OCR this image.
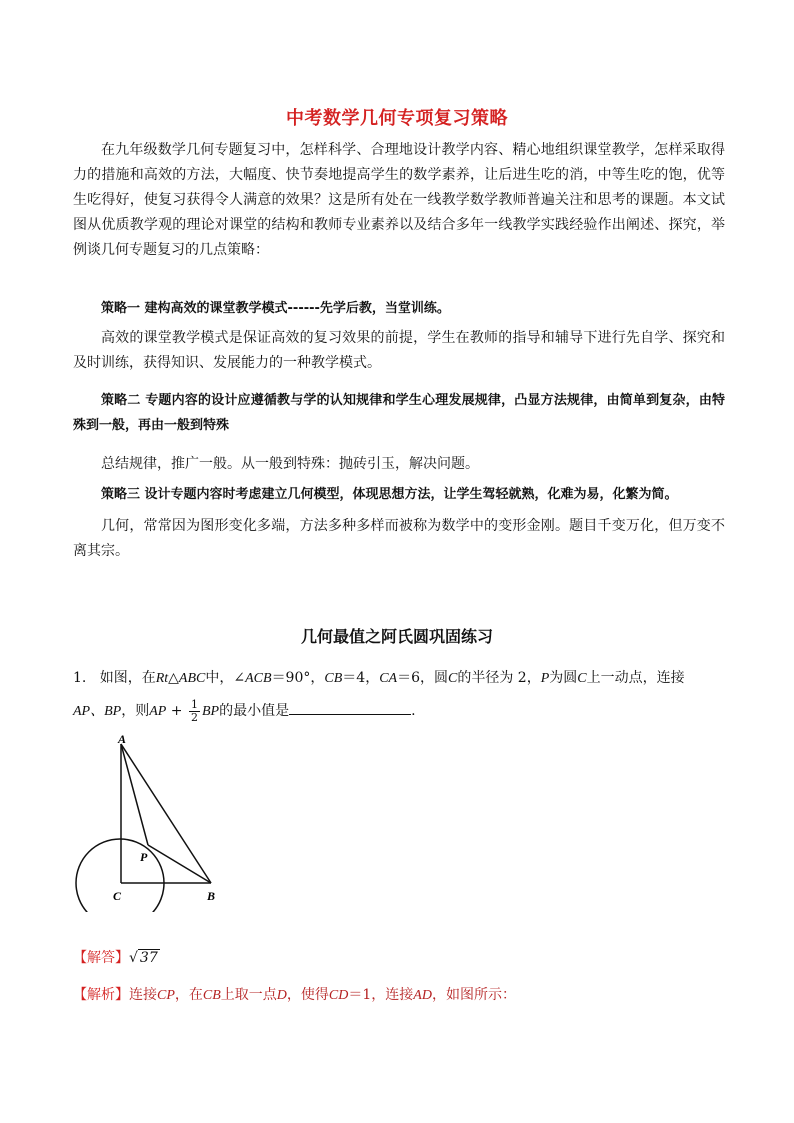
中考数学几何专项复习策略

在九年级数学几何专题复习中，怎样科学、合理地设计教学内容、精心地组织课堂教学，怎样采取得力的措施和高效的方法，大幅度、快节奏地提高学生的数学素养，让后进生吃的消，中等生吃的饱，优等生吃得好，使复习获得令人满意的效果？这是所有处在一线教学数学教师普遍关注和思考的课题。本文试图从优质教学观的理论对课堂的结构和教师专业素养以及结合多年一线教学实践经验作出阐述、探究，举例谈几何专题复习的几点策略：

策略一 建构高效的课堂教学模式------先学后教，当堂训练。

高效的课堂教学模式是保证高效的复习效果的前提，学生在教师的指导和辅导下进行先自学、探究和及时训练，获得知识、发展能力的一种教学模式。

策略二 专题内容的设计应遵循教与学的认知规律和学生心理发展规律，凸显方法规律，由简单到复杂，由特殊到一般，再由一般到特殊

总结规律，推广一般。从一般到特殊：抛砖引玉，解决问题。

策略三 设计专题内容时考虑建立几何模型，体现思想方法，让学生驾轻就熟，化难为易，化繁为简。

几何，常常因为图形变化多端，方法多种多样而被称为数学中的变形金刚。题目千变万化，但万变不离其宗。

几何最值之阿氏圆巩固练习
1. 如图，在Rt△ABC中，∠ACB＝90°，CB＝4，CA＝6，圆C的半径为 2，P为圆C上一动点，连接
AP、BP，则AP + $\frac{1}{2}$ BP的最小值是	.
A
P
C	B
【解答】√ 37
【解析】连接CP，在CB上取一点D，使得CD＝1，连接AD，如图所示：
